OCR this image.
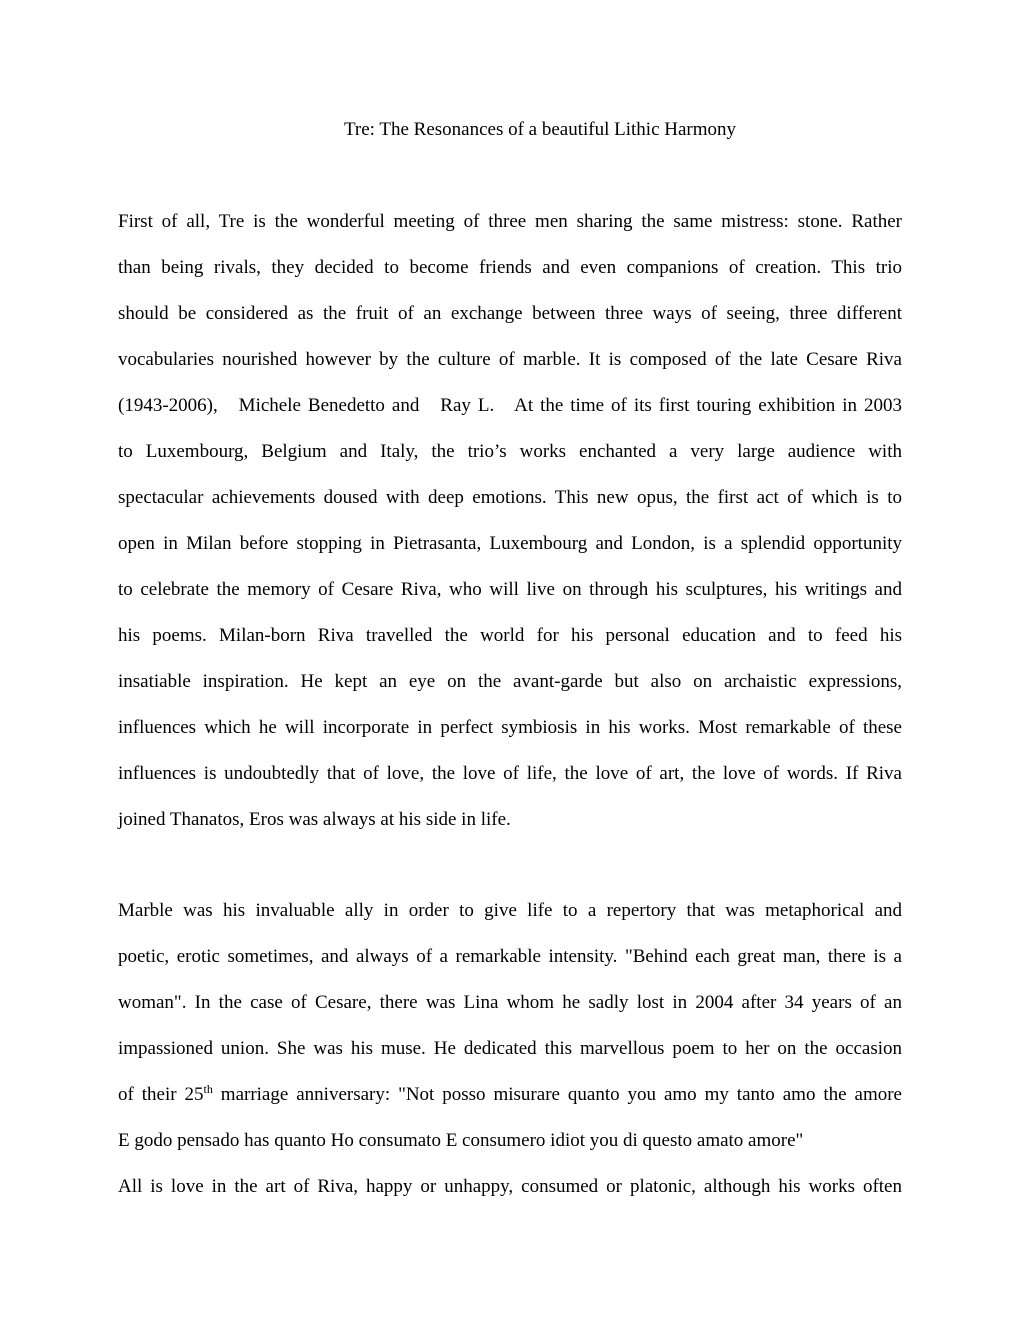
Tre: The Resonances of a beautiful Lithic Harmony
First of all, Tre is the wonderful meeting of three men sharing the same mistress: stone. Rather
than being rivals, they decided to become friends and even companions of creation. This trio
should be considered as the fruit of an exchange between three ways of seeing, three different
vocabularies nourished however by the culture of marble. It is composed of the late Cesare Riva
(1943-2006),   Michele Benedetto and   Ray L.   At the time of its first touring exhibition in 2003
to Luxembourg, Belgium and Italy, the trio’s works enchanted a very large audience with
spectacular achievements doused with deep emotions. This new opus, the first act of which is to
open in Milan before stopping in Pietrasanta, Luxembourg and London, is a splendid opportunity
to celebrate the memory of Cesare Riva, who will live on through his sculptures, his writings and
his poems. Milan-born Riva travelled the world for his personal education and to feed his
insatiable inspiration. He kept an eye on the avant-garde but also on archaistic expressions,
influences which he will incorporate in perfect symbiosis in his works. Most remarkable of these
influences is undoubtedly that of love, the love of life, the love of art, the love of words. If Riva
joined Thanatos, Eros was always at his side in life.
Marble was his invaluable ally in order to give life to a repertory that was metaphorical and
poetic, erotic sometimes, and always of a remarkable intensity. "Behind each great man, there is a
woman". In the case of Cesare, there was Lina whom he sadly lost in 2004 after 34 years of an
impassioned union. She was his muse. He dedicated this marvellous poem to her on the occasion
of their 25th marriage anniversary: "Not posso misurare quanto you amo my tanto amo the amore
E godo pensado has quanto Ho consumato E consumero idiot you di questo amato amore"
All is love in the art of Riva, happy or unhappy, consumed or platonic, although his works often
